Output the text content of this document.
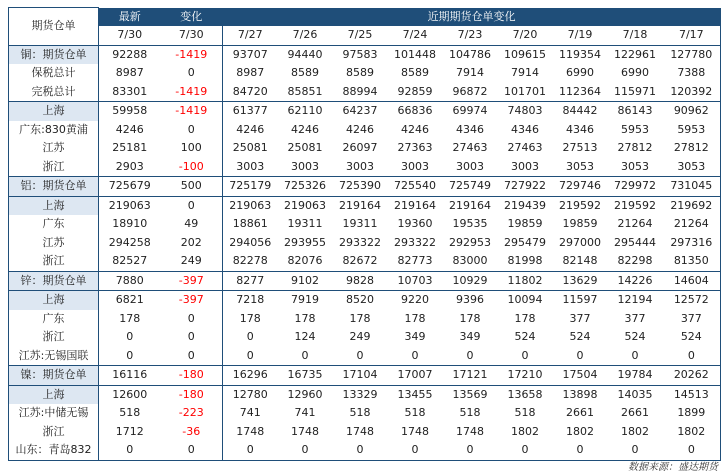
期货仓单	最新	变化	近期期货仓单变化								
	7/30	7/30	7/27	7/26	7/25	7/24	7/23	7/20	7/19	7/18	7/17
铜：期货仓单	92288	-1419	93707	94440	97583	101448	104786	109615	119354	122961	127780
保税总计	8987	0	8987	8589	8589	8589	7914	7914	6990	6990	7388
完税总计	83301	-1419	84720	85851	88994	92859	96872	101701	112364	115971	120392
上海	59958	-1419	61377	62110	64237	66836	69974	74803	84442	86143	90962
广东:830黄浦	4246	0	4246	4246	4246	4246	4346	4346	4346	5953	5953
江苏	25181	100	25081	25081	26097	27363	27463	27463	27513	27812	27812
浙江	2903	-100	3003	3003	3003	3003	3003	3003	3053	3053	3053
铝：期货仓单	725679	500	725179	725326	725390	725540	725749	727922	729746	729972	731045
上海	219063	0	219063	219063	219164	219164	219164	219439	219592	219592	219692
广东	18910	49	18861	19311	19311	19360	19535	19859	19859	21264	21264
江苏	294258	202	294056	293955	293322	293322	292953	295479	297000	295444	297316
浙江	82527	249	82278	82076	82672	82773	83000	81998	82148	82298	81350
锌：期货仓单	7880	-397	8277	9102	9828	10703	10929	11802	13629	14226	14604
上海	6821	-397	7218	7919	8520	9220	9396	10094	11597	12194	12572
广东	178	0	178	178	178	178	178	178	377	377	377
浙江	0	0	0	124	249	349	349	524	524	524	524
江苏:无锡国联	0	0	0	0	0	0	0	0	0	0	0
镍：期货仓单	16116	-180	16296	16735	17104	17007	17121	17210	17504	19784	20262
上海	12600	-180	12780	12960	13329	13455	13569	13658	13898	14035	14513
江苏:中储无锡	518	-223	741	741	518	518	518	518	2661	2661	1899
浙江	1712	-36	1748	1748	1748	1748	1748	1802	1802	1802	1802
山东：青岛832	0	0	0	0	0	0	0	0	0	0	0
数据来源：盛达期货
